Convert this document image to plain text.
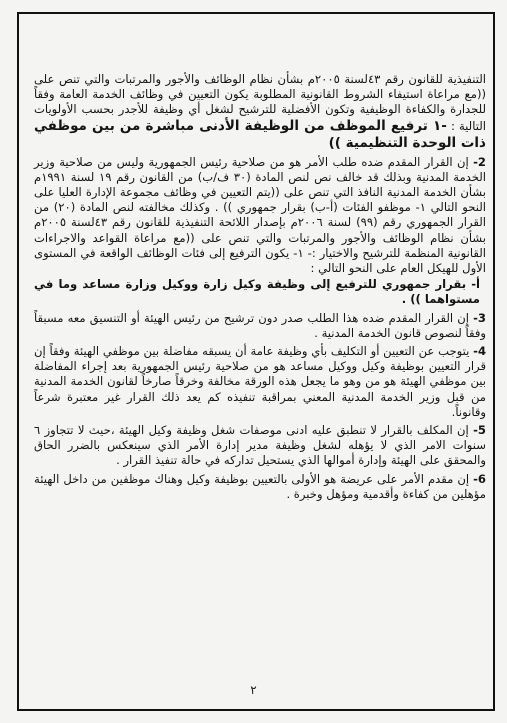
التنفيذية للقانون رقم ٤٣لسنة ٢٠٠٥م بشأن نظام الوظائف والأجور والمرتبات والتي تنص على ((مع مراعاة استيفاء الشروط القانونية المطلوبة يكون التعيين في وظائف الخدمة العامة وفقاً للجدارة والكفاءة الوظيفية وتكون الأفضلية للترشيح لشغل أي وظيفة للأجدر بحسب الأولويات التالية : -١ ترفيع الموظف من الوظيفة الأدنى مباشرة من بين موظفي ذات الوحدة التنظيمية ))

2- إن القرار المقدم ضده طلب الأمر هو من صلاحية رئيس الجمهورية وليس من صلاحية وزير الخدمة المدنية وبذلك قد خالف نص لنص المادة (٣٠ ف/ب) من القانون رقم ١٩ لسنة ١٩٩١م بشأن الخدمة المدنية النافذ التي تنص على ((يتم التعيين في وظائف مجموعة الإدارة العليا على النحو التالي ١- موظفو الفئات (أ-ب) بقرار جمهوري )) . وكذلك مخالفته لنص المادة (٢٠) من القرار الجمهوري رقم (٩٩) لسنة ٢٠٠٦م بإصدار اللائحة التنفيذية للقانون رقم ٤٣لسنة ٢٠٠٥م بشأن نظام الوظائف والأجور والمرتبات والتي تنص على ((مع مراعاة القواعد والاجراءات القانونية المنظمة للترشيح والاختيار :- ١- يكون الترفيع إلى فئات الوظائف الواقعة في المستوى الأول للهيكل العام على النحو التالي :

أ- بقرار جمهوري للترفيع إلى وظيفة وكيل زارة ووكيل وزارة مساعد وما في مستواهما )) .

3- إن القرار المقدم ضده هذا الطلب صدر دون ترشيح من رئيس الهيئة أو التنسيق معه مسبقاً وفقاً لنصوص قانون الخدمة المدنية .

4- يتوجب عن التعيين أو التكليف بأي وظيفة عامة أن يسبقه مفاضلة بين موظفي الهيئة وفقاً إن قرار التعيين بوظيفة وكيل ووكيل مساعد هو من صلاحية رئيس الجمهورية بعد إجراء المفاضلة بين موظفي الهيئة هو من وهو ما يجعل هذه الورقة مخالفة وخرقاً صارخاً لقانون الخدمة المدنية من قبل وزير الخدمة المدنية المعني بمراقبة تنفيذه كم يعد ذلك القرار غير معتبرة شرعاً وقانوناً.

5- إن المكلف بالقرار لا تنطبق عليه ادنى موصفات شغل وظيفة وكيل الهيئة ،حيث لا تتجاوز ٦ سنوات الامر الذي لا يؤهله لشغل وظيفة مدير إدارة الأمر الذي سينعكس بالضرر الحاق والمحقق على الهيئة وإدارة أموالها الذي يستحيل تداركه في حالة تنفيذ القرار .

6- إن مقدم الأمر على عريضة هو الأولى بالتعيين بوظيفة وكيل وهناك موظفين من داخل الهيئة مؤهلين من كفاءة وأقدمية ومؤهل وخبرة .

٢
